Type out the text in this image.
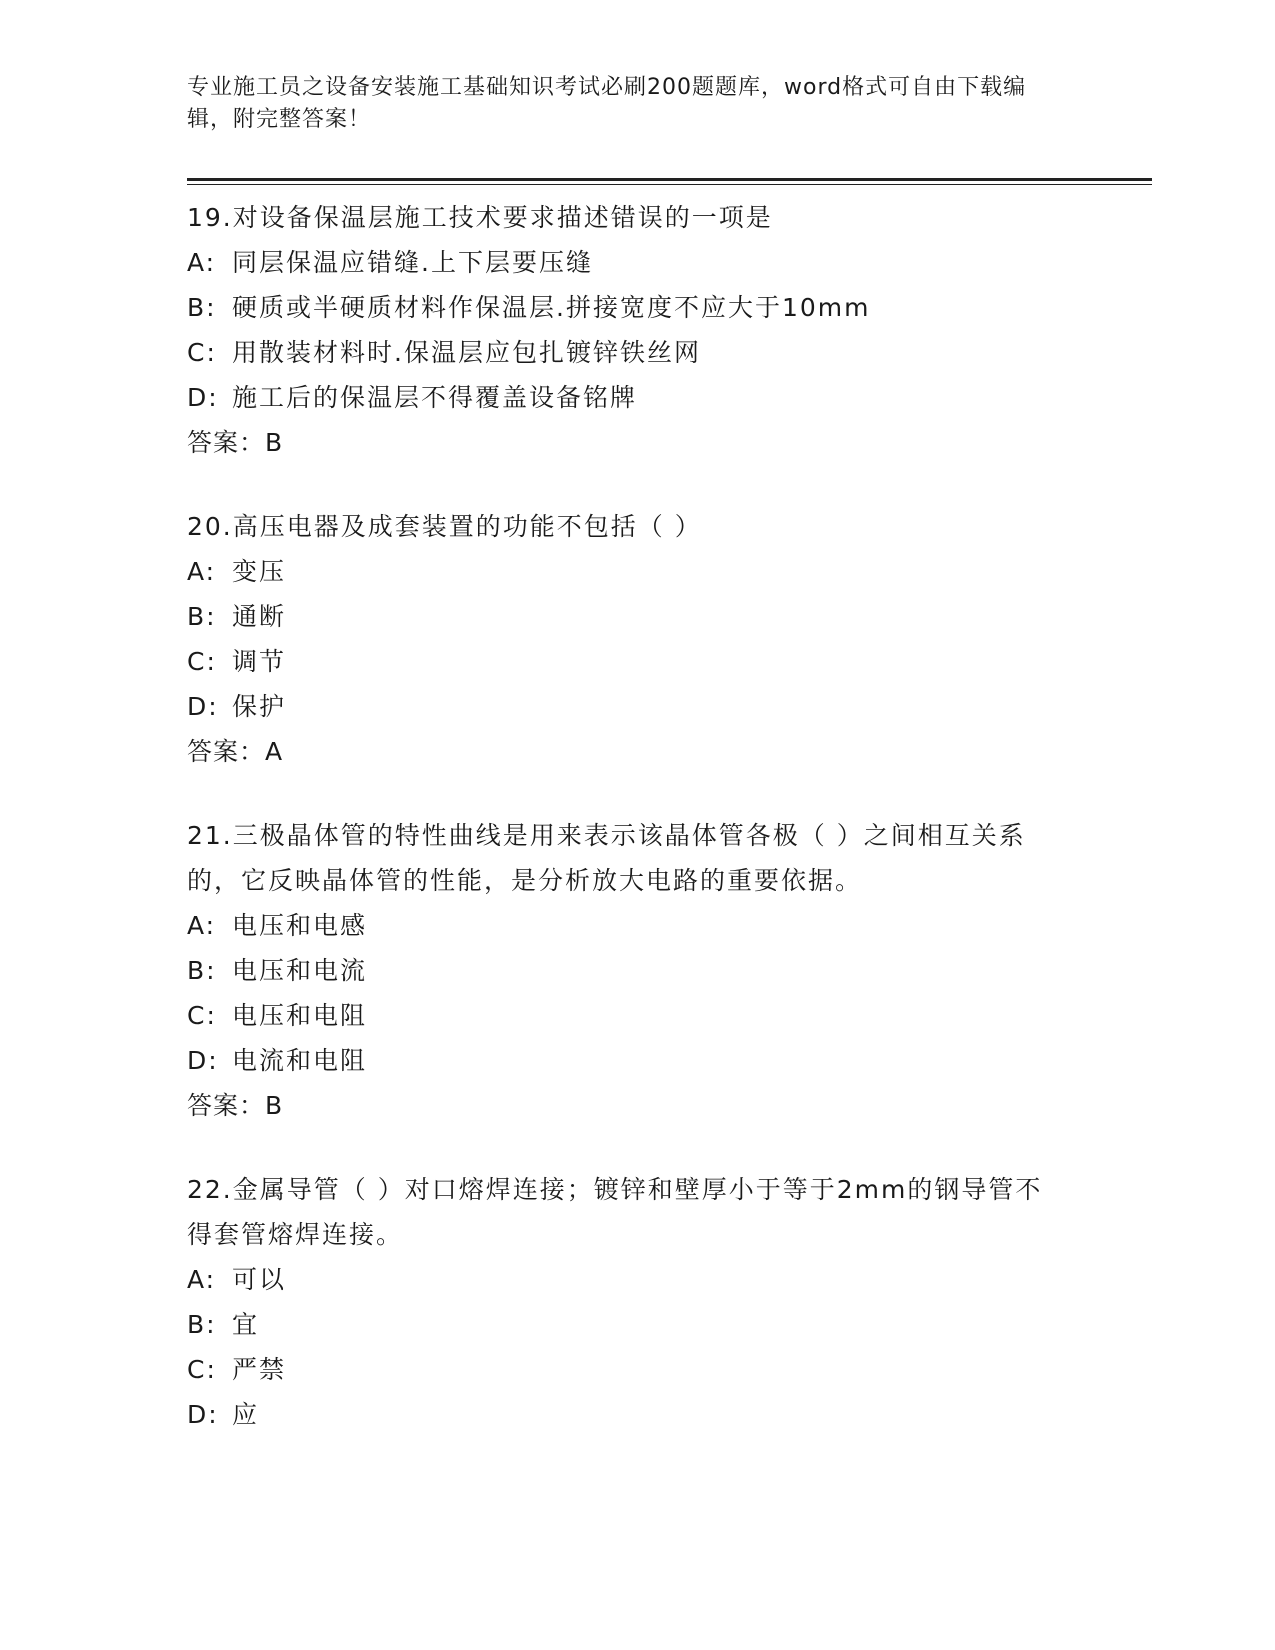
专业施工员之设备安装施工基础知识考试必刷200题题库，word格式可自由下载编辑，附完整答案！
19.对设备保温层施工技术要求描述错误的一项是
A: 同层保温应错缝.上下层要压缝
B: 硬质或半硬质材料作保温层.拼接宽度不应大于10mm
C: 用散装材料时.保温层应包扎镀锌铁丝网
D: 施工后的保温层不得覆盖设备铭牌
答案：B
20.高压电器及成套装置的功能不包括（ ）
A: 变压
B: 通断
C: 调节
D: 保护
答案：A
21.三极晶体管的特性曲线是用来表示该晶体管各极（ ）之间相互关系的，它反映晶体管的性能，是分析放大电路的重要依据。
A: 电压和电感
B: 电压和电流
C: 电压和电阻
D: 电流和电阻
答案：B
22.金属导管（ ）对口熔焊连接；镀锌和壁厚小于等于2mm的钢导管不得套管熔焊连接。
A: 可以
B: 宜
C: 严禁
D: 应
